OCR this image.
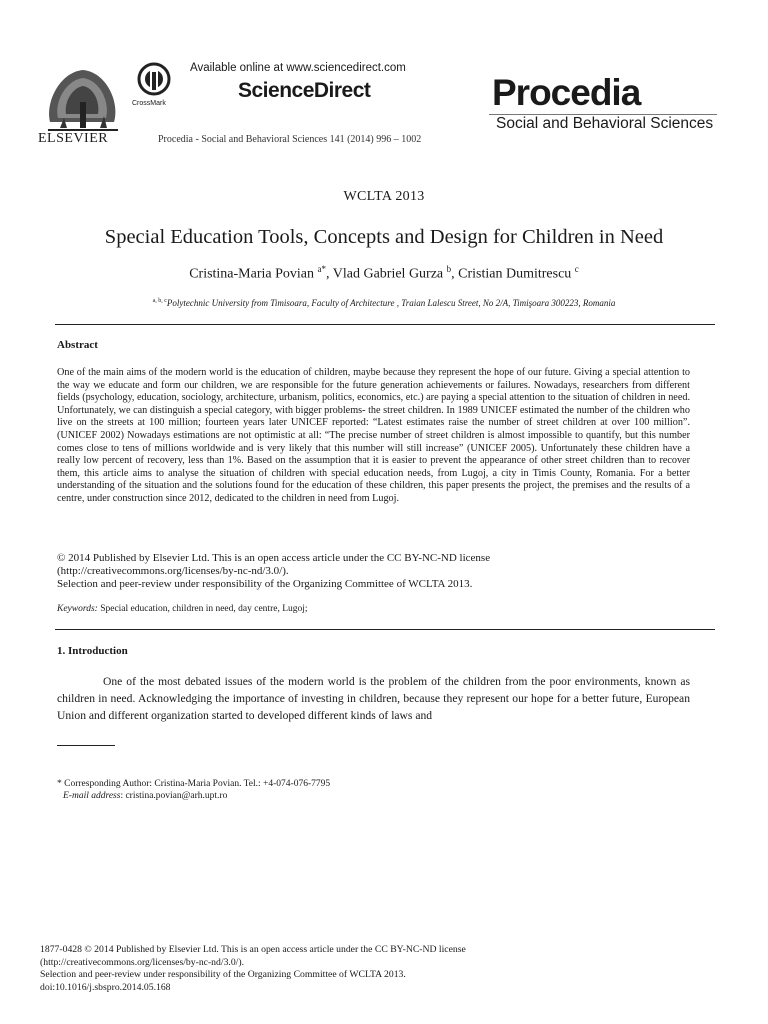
ELSEVIER
CrossMark
Available online at www.sciencedirect.com
ScienceDirect
Procedia - Social and Behavioral Sciences 141 (2014) 996 – 1002
Procedia
Social and Behavioral Sciences
WCLTA 2013
Special Education Tools, Concepts and Design for Children in Need
Cristina-Maria Povian $^{a*}$, Vlad Gabriel Gurza $^b$, Cristian Dumitrescu $^c$
$^{a, b, c}$Polytechnic University from Timisoara, Faculty of Architecture , Traian Lalescu Street, No 2/A, Timişoara 300223, Romania
Abstract
One of the main aims of the modern world is the education of children, maybe because they represent the hope of our future. Giving a special attention to the way we educate and form our children, we are responsible for the future generation achievements or failures. Nowadays, researchers from different fields (psychology, education, sociology, architecture, urbanism, politics, economics, etc.) are paying a special attention to the situation of children in need. Unfortunately, we can distinguish a special category, with bigger problems- the street children. In 1989 UNICEF estimated the number of the children who live on the streets at 100 million; fourteen years later UNICEF reported: “Latest estimates raise the number of street children at over 100 million”. (UNICEF 2002) Nowadays estimations are not optimistic at all: “The precise number of street children is almost impossible to quantify, but this number comes close to tens of millions worldwide and is very likely that this number will still increase” (UNICEF 2005). Unfortunately these children have a really low percent of recovery, less than 1%. Based on the assumption that it is easier to prevent the appearance of other street children than to recover them, this article aims to analyse the situation of children with special education needs, from Lugoj, a city in Timis County, Romania. For a better understanding of the situation and the solutions found for the education of these children, this paper presents the project, the premises and the results of a centre, under construction since 2012, dedicated to the children in need from Lugoj.
© 2014 Published by Elsevier Ltd. This is an open access article under the CC BY-NC-ND license
(http://creativecommons.org/licenses/by-nc-nd/3.0/).
Selection and peer-review under responsibility of the Organizing Committee of WCLTA 2013.
Keywords: Special education, children in need, day centre, Lugoj;
1. Introduction
One of the most debated issues of the modern world is the problem of the children from the poor environments, known as children in need. Acknowledging the importance of investing in children, because they represent our hope for a better future, European Union and different organization started to developed different kinds of laws and
* Corresponding Author: Cristina-Maria Povian. Tel.: +4-074-076-7795
E-mail address: cristina.povian@arh.upt.ro
1877-0428 © 2014 Published by Elsevier Ltd. This is an open access article under the CC BY-NC-ND license
(http://creativecommons.org/licenses/by-nc-nd/3.0/).
Selection and peer-review under responsibility of the Organizing Committee of WCLTA 2013.
doi:10.1016/j.sbspro.2014.05.168
